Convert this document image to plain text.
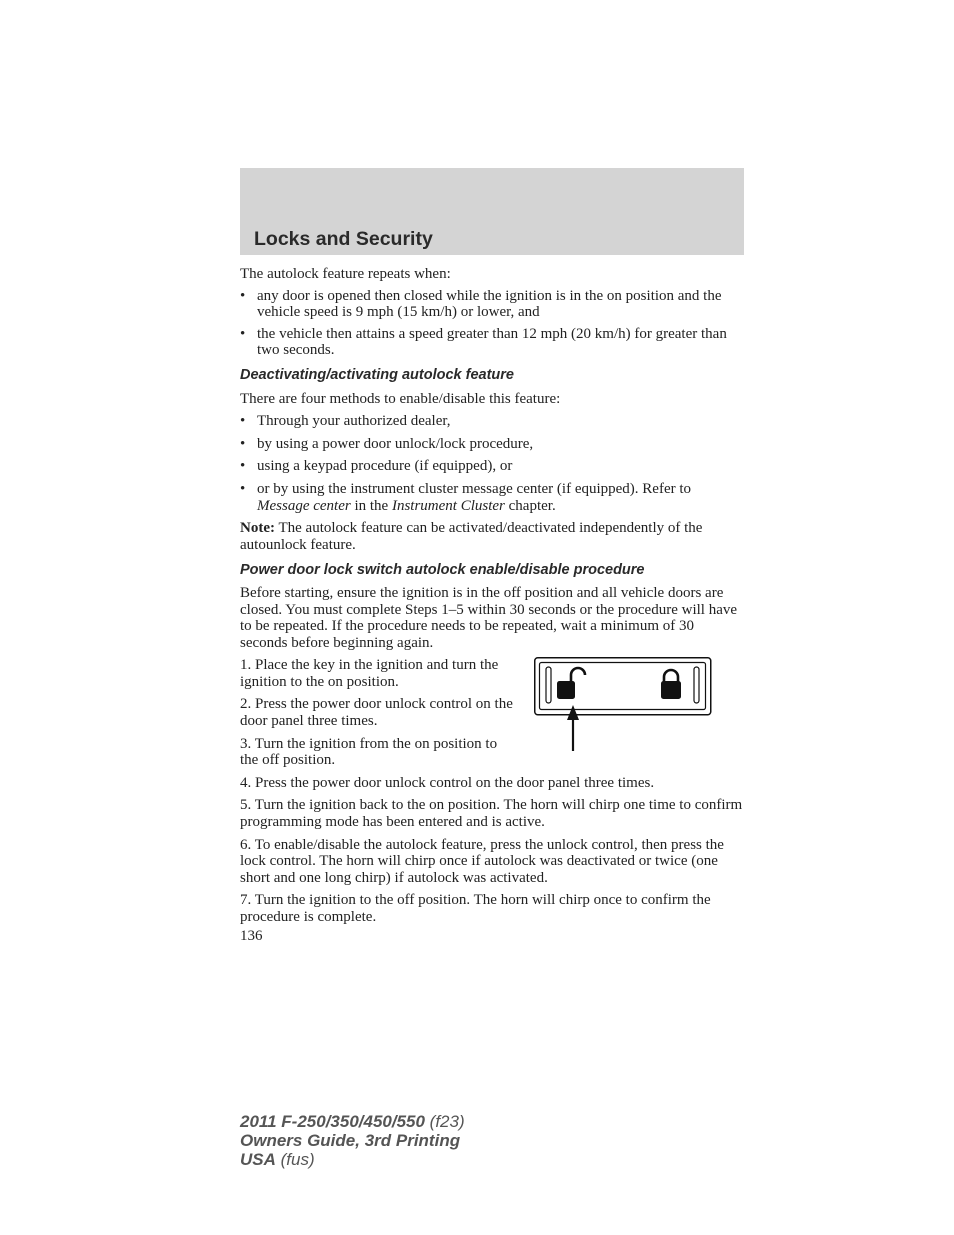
Locks and Security

The autolock feature repeats when:

• any door is opened then closed while the ignition is in the on position and the vehicle speed is 9 mph (15 km/h) or lower, and
• the vehicle then attains a speed greater than 12 mph (20 km/h) for greater than two seconds.
Deactivating/activating autolock feature

There are four methods to enable/disable this feature:

• Through your authorized dealer,
• by using a power door unlock/lock procedure,
• using a keypad procedure (if equipped), or
• or by using the instrument cluster message center (if equipped). Refer to Message center in the Instrument Cluster chapter.

Note: The autolock feature can be activated/deactivated independently of the autounlock feature.

Power door lock switch autolock enable/disable procedure

Before starting, ensure the ignition is in the off position and all vehicle doors are closed. You must complete Steps 1–5 within 30 seconds or the procedure will have to be repeated. If the procedure needs to be repeated, wait a minimum of 30 seconds before beginning again.

1. Place the key in the ignition and turn the ignition to the on position.

2. Press the power door unlock control on the door panel three times.

3. Turn the ignition from the on position to the off position.

4. Press the power door unlock control on the door panel three times.

5. Turn the ignition back to the on position. The horn will chirp one time to confirm programming mode has been entered and is active.

6. To enable/disable the autolock feature, press the unlock control, then press the lock control. The horn will chirp once if autolock was deactivated or twice (one short and one long chirp) if autolock was activated.

7. Turn the ignition to the off position. The horn will chirp once to confirm the procedure is complete.

136

2011 F-250/350/450/550 (f23)
Owners Guide, 3rd Printing
USA (fus)
